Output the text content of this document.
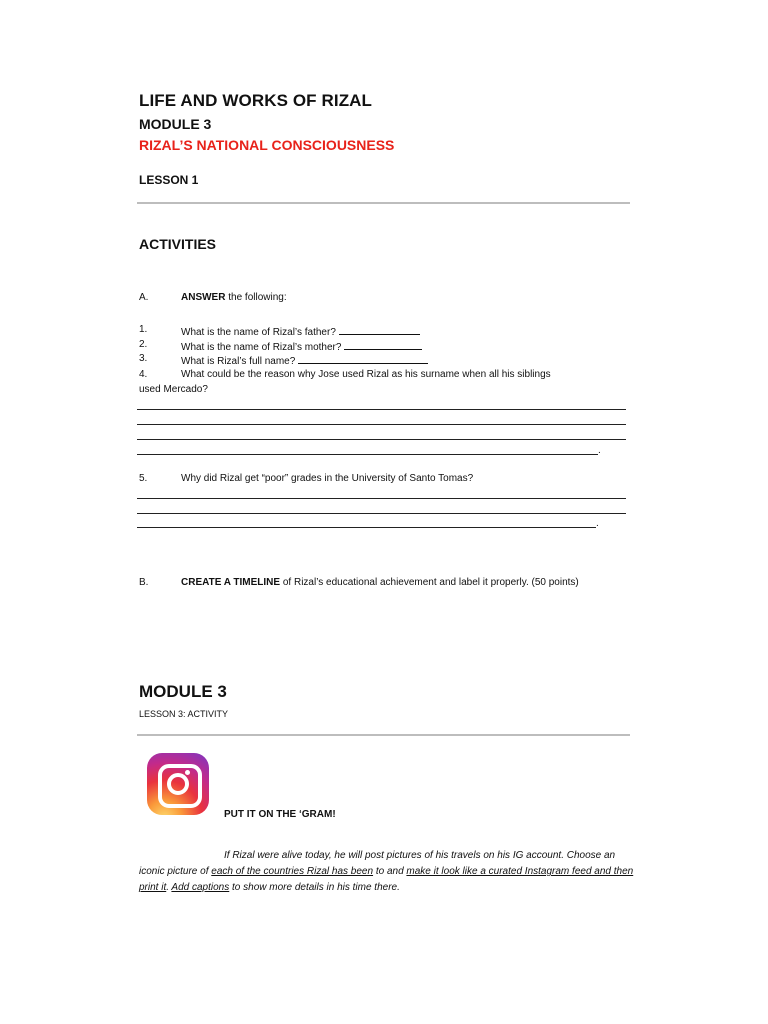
LIFE AND WORKS OF RIZAL
MODULE 3
RIZAL’S NATIONAL CONSCIOUSNESS
LESSON 1
ACTIVITIES
A.	ANSWER the following:
1.	What is the name of Rizal’s father?
2.	What is the name of Rizal’s mother?
3.	What is Rizal’s full name?
4.	What could be the reason why Jose used Rizal as his surname when all his siblings
used Mercado?
.
5.	Why did Rizal get “poor” grades in the University of Santo Tomas?
.
B.	CREATE A TIMELINE of Rizal’s educational achievement and label it properly. (50 points)
MODULE 3
LESSON 3: ACTIVITY
PUT IT ON THE ‘GRAM!

If Rizal were alive today, he will post pictures of his travels on his IG account. Choose an iconic picture of each of the countries Rizal has been to and make it look like a curated Instagram feed and then print it. Add captions to show more details in his time there.
